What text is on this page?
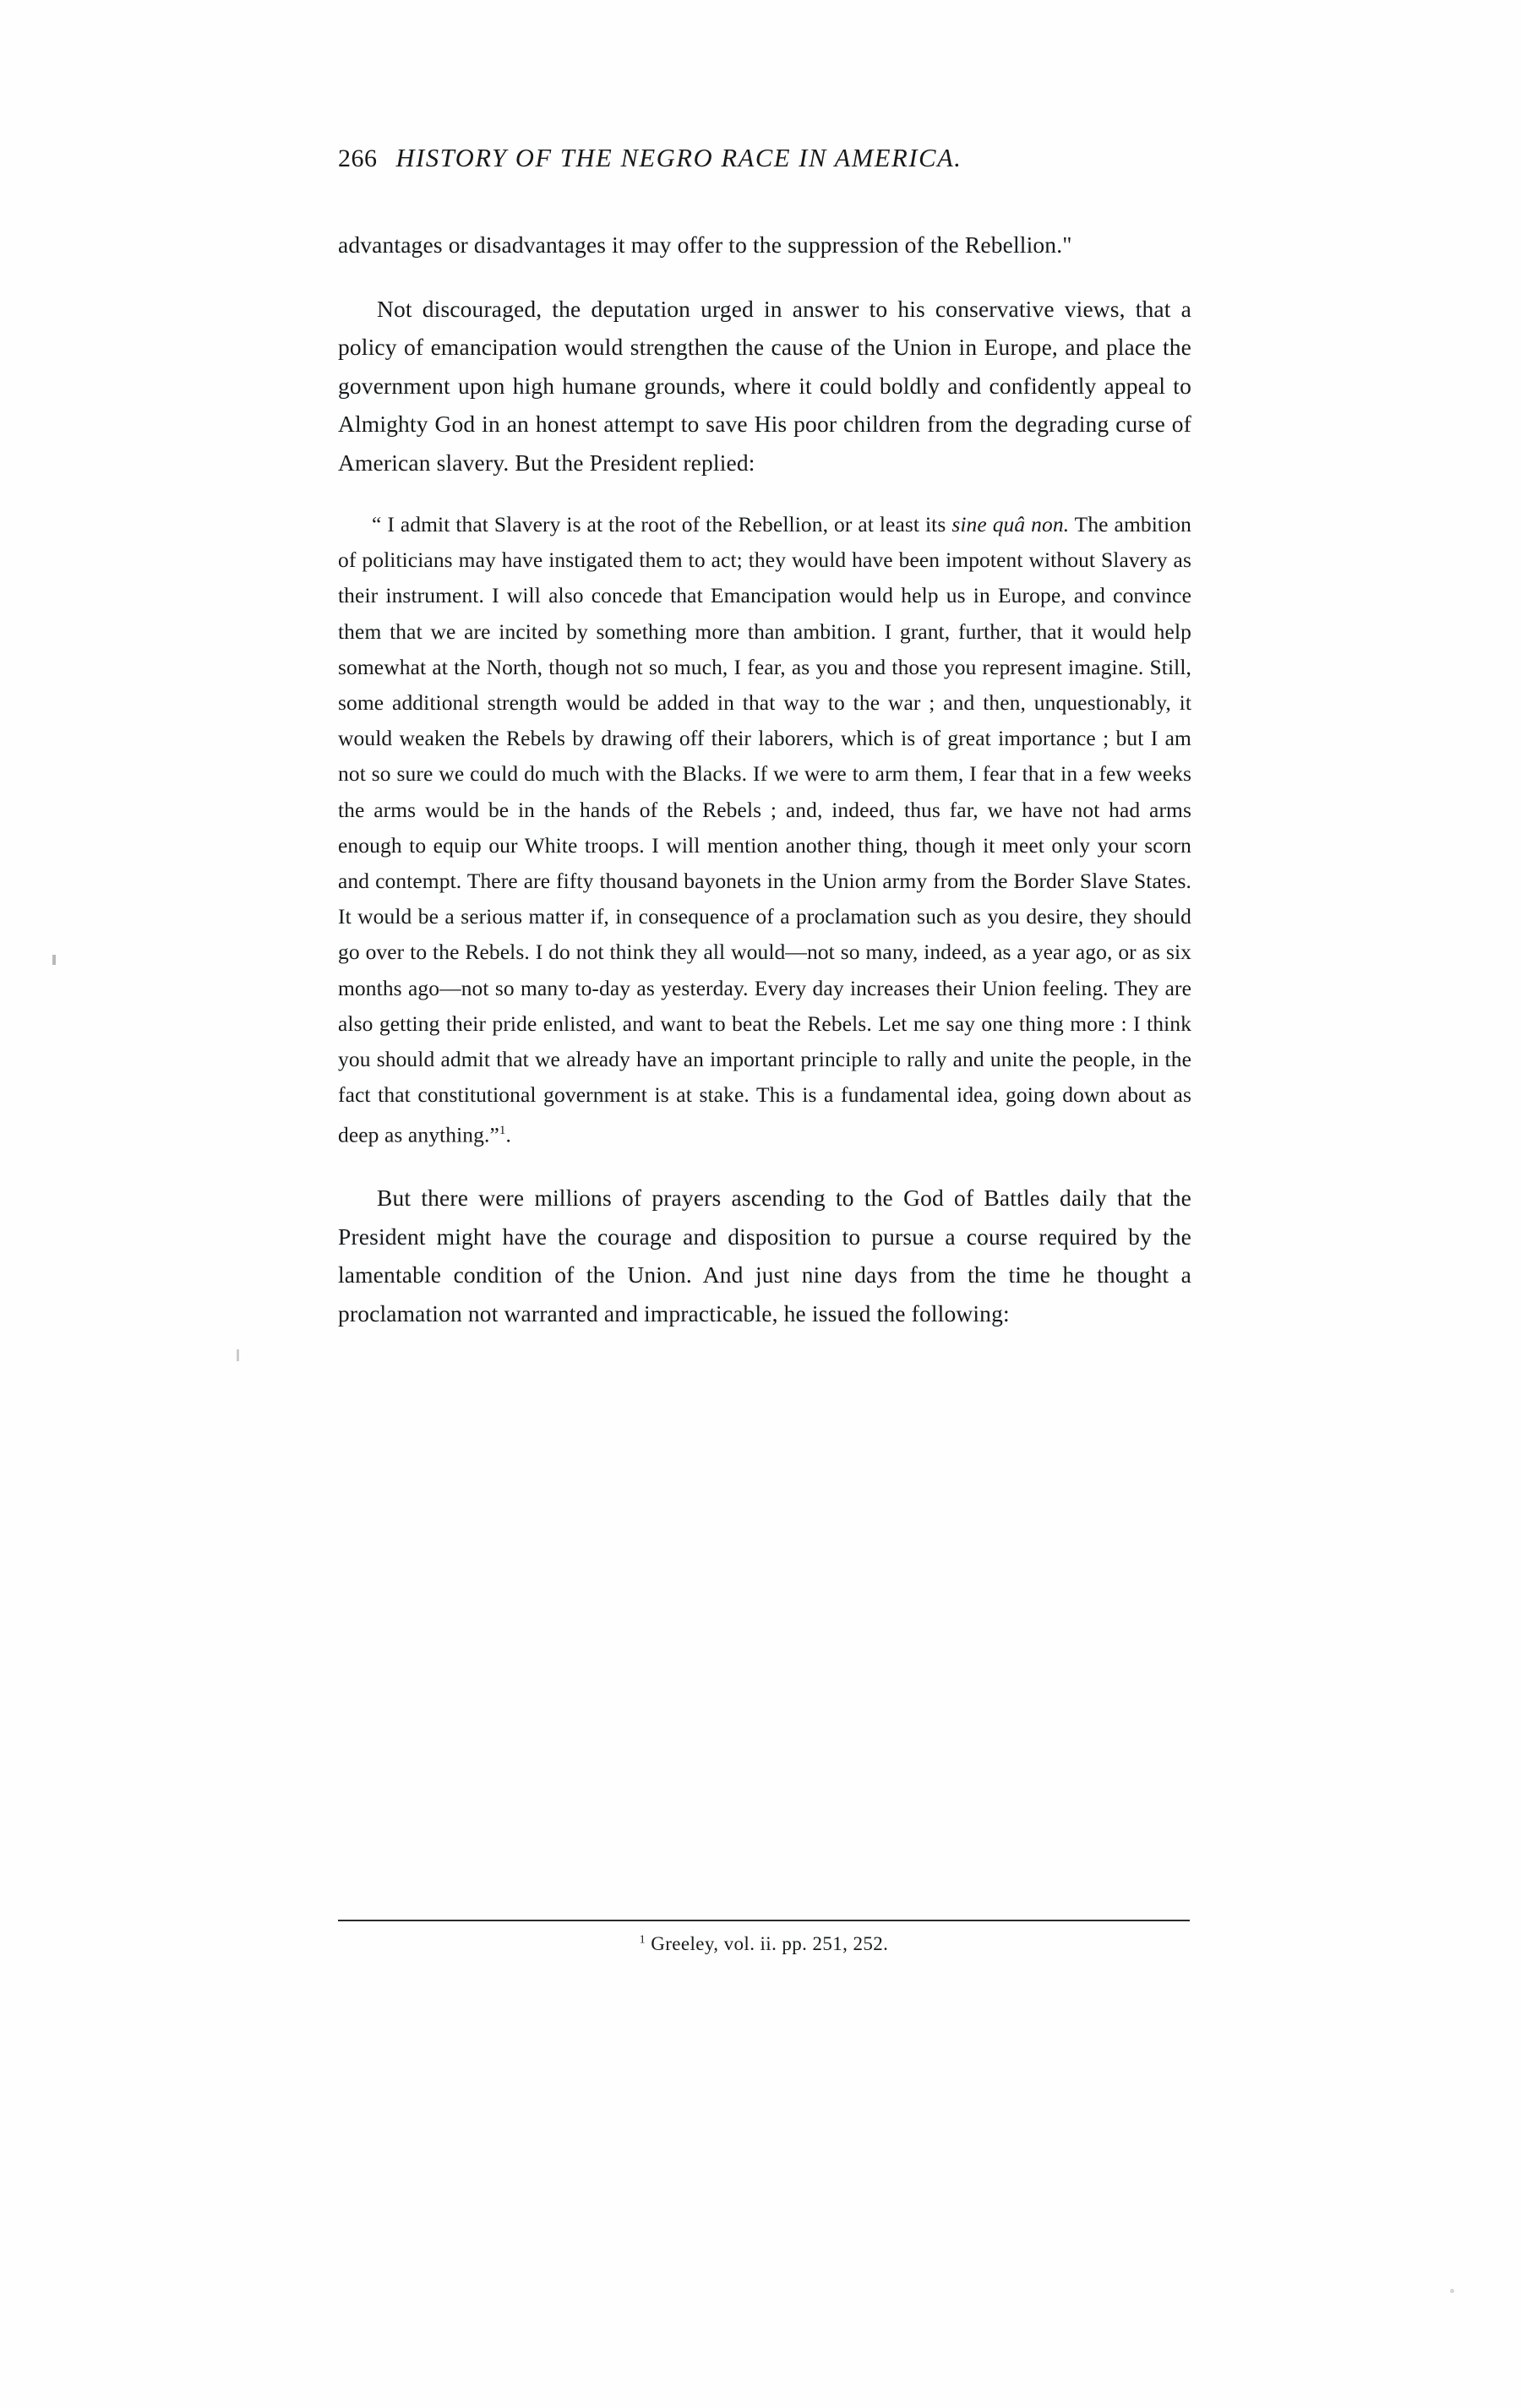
266 HISTORY OF THE NEGRO RACE IN AMERICA.

advantages or disadvantages it may offer to the suppression of the Rebellion."

Not discouraged, the deputation urged in answer to his conservative views, that a policy of emancipation would strengthen the cause of the Union in Europe, and place the government upon high humane grounds, where it could boldly and confidently appeal to Almighty God in an honest attempt to save His poor children from the degrading curse of American slavery. But the President replied:

“ I admit that Slavery is at the root of the Rebellion, or at least its sine quâ non. The ambition of politicians may have instigated them to act; they would have been impotent without Slavery as their instrument. I will also concede that Emancipation would help us in Europe, and convince them that we are incited by something more than ambition. I grant, further, that it would help somewhat at the North, though not so much, I fear, as you and those you represent imagine. Still, some additional strength would be added in that way to the war ; and then, unquestionably, it would weaken the Rebels by drawing off their laborers, which is of great importance ; but I am not so sure we could do much with the Blacks. If we were to arm them, I fear that in a few weeks the arms would be in the hands of the Rebels ; and, indeed, thus far, we have not had arms enough to equip our White troops. I will mention another thing, though it meet only your scorn and contempt. There are fifty thousand bayonets in the Union army from the Border Slave States. It would be a serious matter if, in consequence of a proclamation such as you desire, they should go over to the Rebels. I do not think they all would—not so many, indeed, as a year ago, or as six months ago—not so many to-day as yesterday. Every day increases their Union feeling. They are also getting their pride enlisted, and want to beat the Rebels. Let me say one thing more : I think you should admit that we already have an important principle to rally and unite the people, in the fact that constitutional government is at stake. This is a fundamental idea, going down about as deep as anything.”$^1$.

But there were millions of prayers ascending to the God of Battles daily that the President might have the courage and disposition to pursue a course required by the lamentable condition of the Union. And just nine days from the time he thought a proclamation not warranted and impracticable, he issued the following:

$^1$ Greeley, vol. ii. pp. 251, 252.
